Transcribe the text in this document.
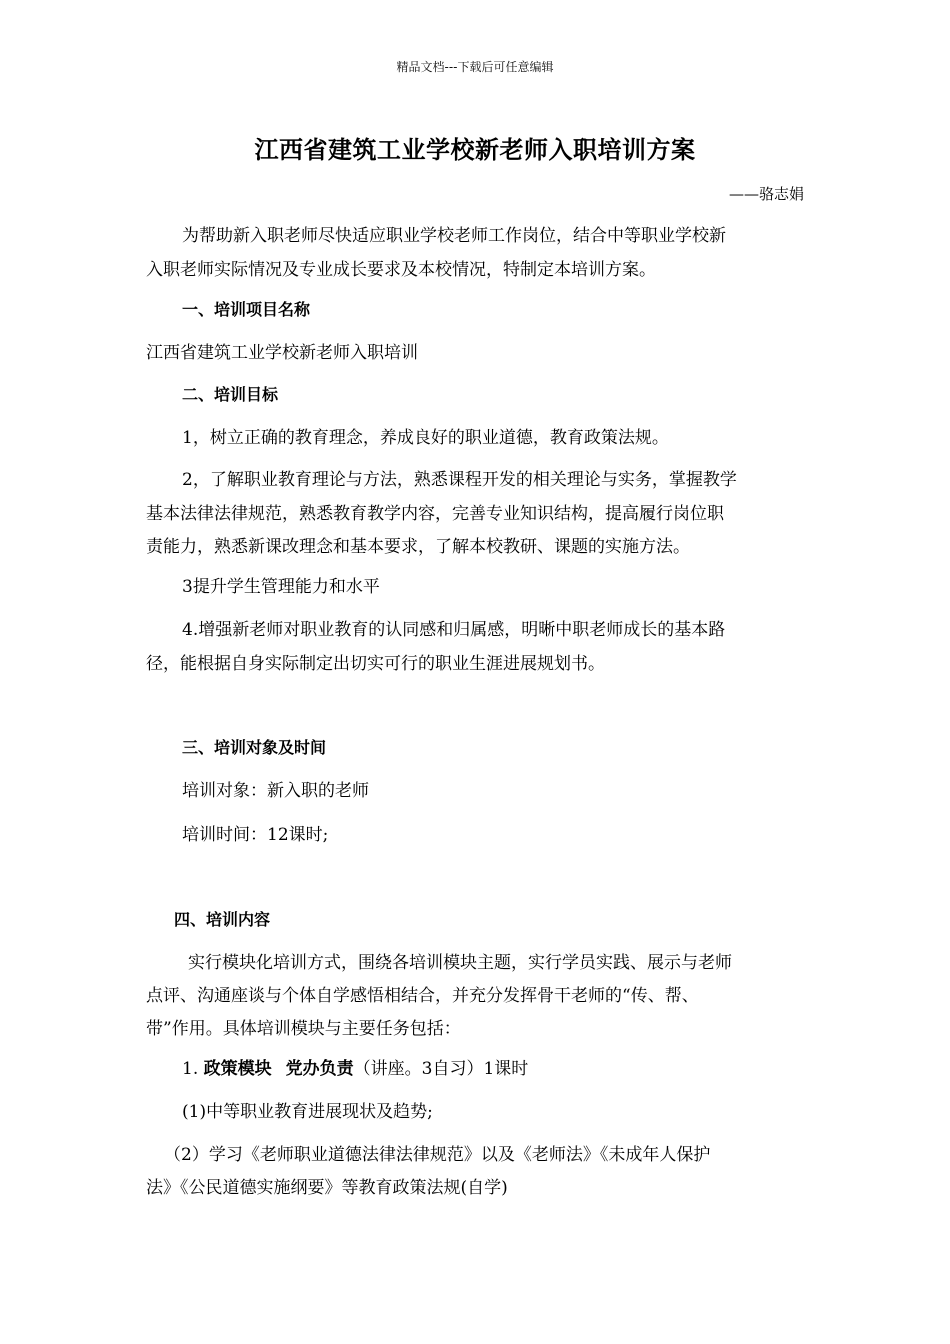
精品文档---下载后可任意编辑
江西省建筑工业学校新老师入职培训方案
——骆志娟
为帮助新入职老师尽快适应职业学校老师工作岗位，结合中等职业学校新
入职老师实际情况及专业成长要求及本校情况，特制定本培训方案。
一、培训项目名称
江西省建筑工业学校新老师入职培训
二、培训目标
1，树立正确的教育理念，养成良好的职业道德，教育政策法规。
2，了解职业教育理论与方法，熟悉课程开发的相关理论与实务，掌握教学
基本法律法律规范，熟悉教育教学内容，完善专业知识结构，提高履行岗位职
责能力，熟悉新课改理念和基本要求，了解本校教研、课题的实施方法。
3提升学生管理能力和水平
4.增强新老师对职业教育的认同感和归属感，明晰中职老师成长的基本路
径，能根据自身实际制定出切实可行的职业生涯进展规划书。
三、培训对象及时间
培训对象：新入职的老师
培训时间：12课时;
四、培训内容
实行模块化培训方式，围绕各培训模块主题，实行学员实践、展示与老师
点评、沟通座谈与个体自学感悟相结合，并充分发挥骨干老师的“传、帮、
带”作用。具体培训模块与主要任务包括：
1. 政策模块 党办负责（讲座。3自习）1课时
(1)中等职业教育进展现状及趋势;
（2）学习《老师职业道德法律法律规范》以及《老师法》《未成年人保护
法》《公民道德实施纲要》等教育政策法规(自学)
